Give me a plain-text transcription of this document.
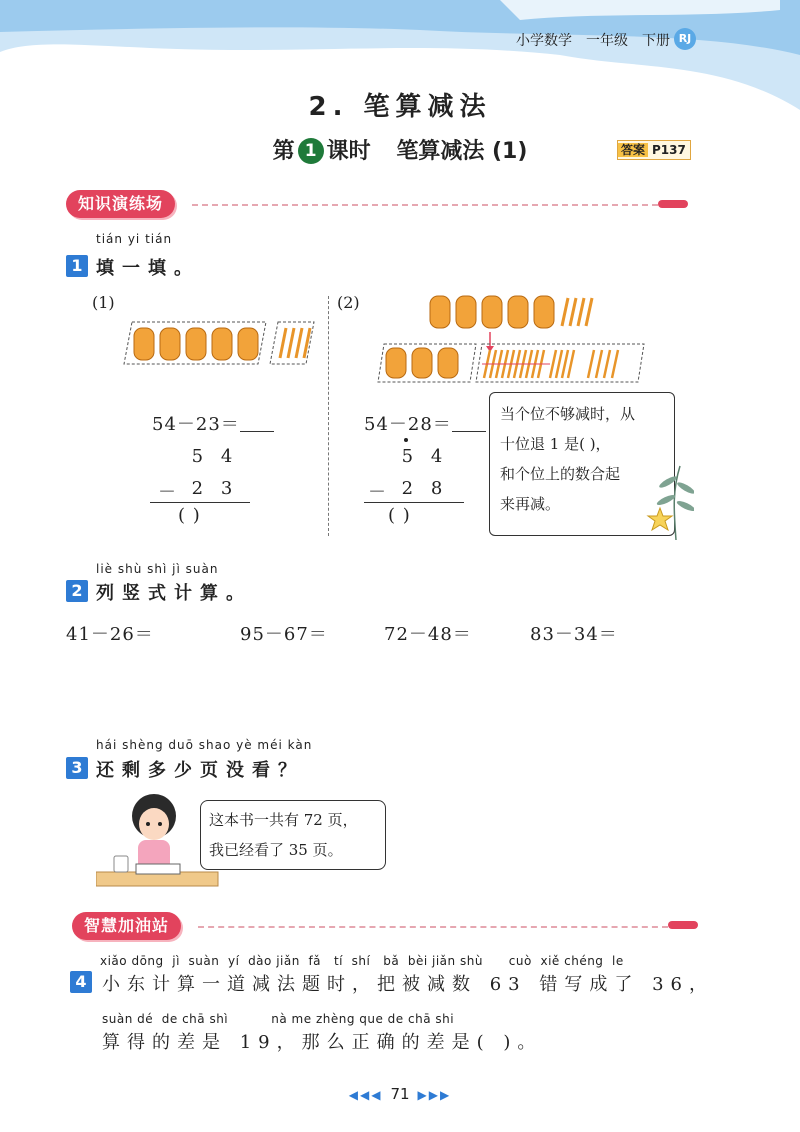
小学数学 一年级 下册 RJ
2. 笔算减法
第 1 课时 笔算减法 (1)	答案 P137
知识演练场
tián yi tián
1 填一填。
(1)	(2)
54－23＝
5 4
－ 2 3
( )
54－28＝
5 4
－ 2 8
( )
当个位不够减时，从
十位退 1 是( )，
和个位上的数合起
来再减。
liè shù shì jì suàn
2 列竖式计算。
41－26＝	95－67＝	72－48＝	83－34＝
hái shèng duō shao yè méi kàn
3 还剩多少页没看？
这本书一共有 72 页，
我已经看了 35 页。
智慧加油站
xiǎo dōng  jì  suàn  yí  dào jiǎn  fǎ   tí  shí   bǎ  bèi jiǎn shù      cuò  xiě chéng  le
4 小东计算一道减法题时，把被减数 63 错写成了 36，
suàn dé  de chā shì          nà me zhèng que de chā shi
算得的差是 19，那么正确的差是( )。
◀◀◀ 71 ▶▶▶
